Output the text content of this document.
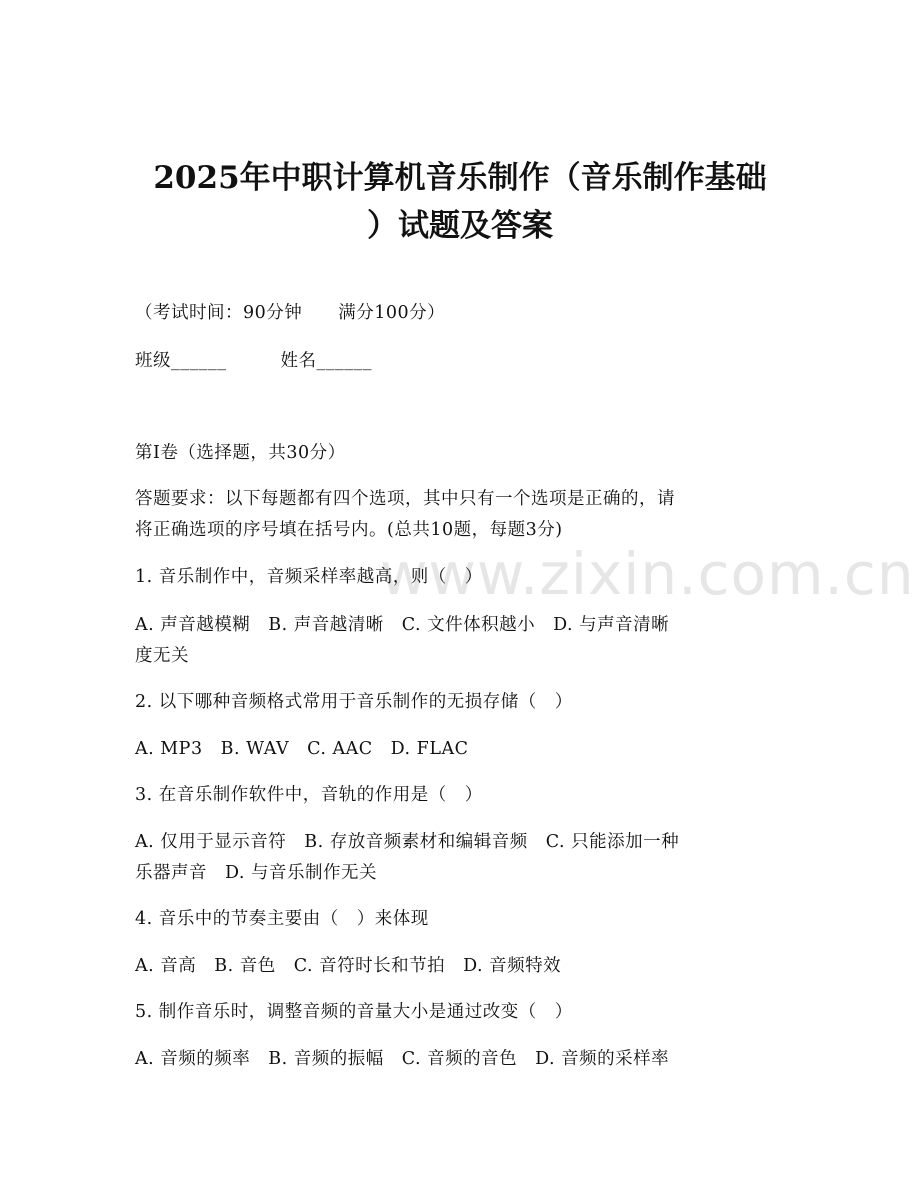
www.zixin.com.cn
2025年中职计算机音乐制作（音乐制作基础
）试题及答案

（考试时间：90分钟　　满分100分）

班级______　　　姓名______

第Ⅰ卷（选择题，共30分）

答题要求：以下每题都有四个选项，其中只有一个选项是正确的，请

将正确选项的序号填在括号内。(总共10题，每题3分)

1. 音乐制作中，音频采样率越高，则（　）

A. 声音越模糊　B. 声音越清晰　C. 文件体积越小　D. 与声音清晰

度无关

2. 以下哪种音频格式常用于音乐制作的无损存储（　）

A. MP3　B. WAV　C. AAC　D. FLAC

3. 在音乐制作软件中，音轨的作用是（　）

A. 仅用于显示音符　B. 存放音频素材和编辑音频　C. 只能添加一种

乐器声音　D. 与音乐制作无关

4. 音乐中的节奏主要由（　）来体现

A. 音高　B. 音色　C. 音符时长和节拍　D. 音频特效

5. 制作音乐时，调整音频的音量大小是通过改变（　）

A. 音频的频率　B. 音频的振幅　C. 音频的音色　D. 音频的采样率
